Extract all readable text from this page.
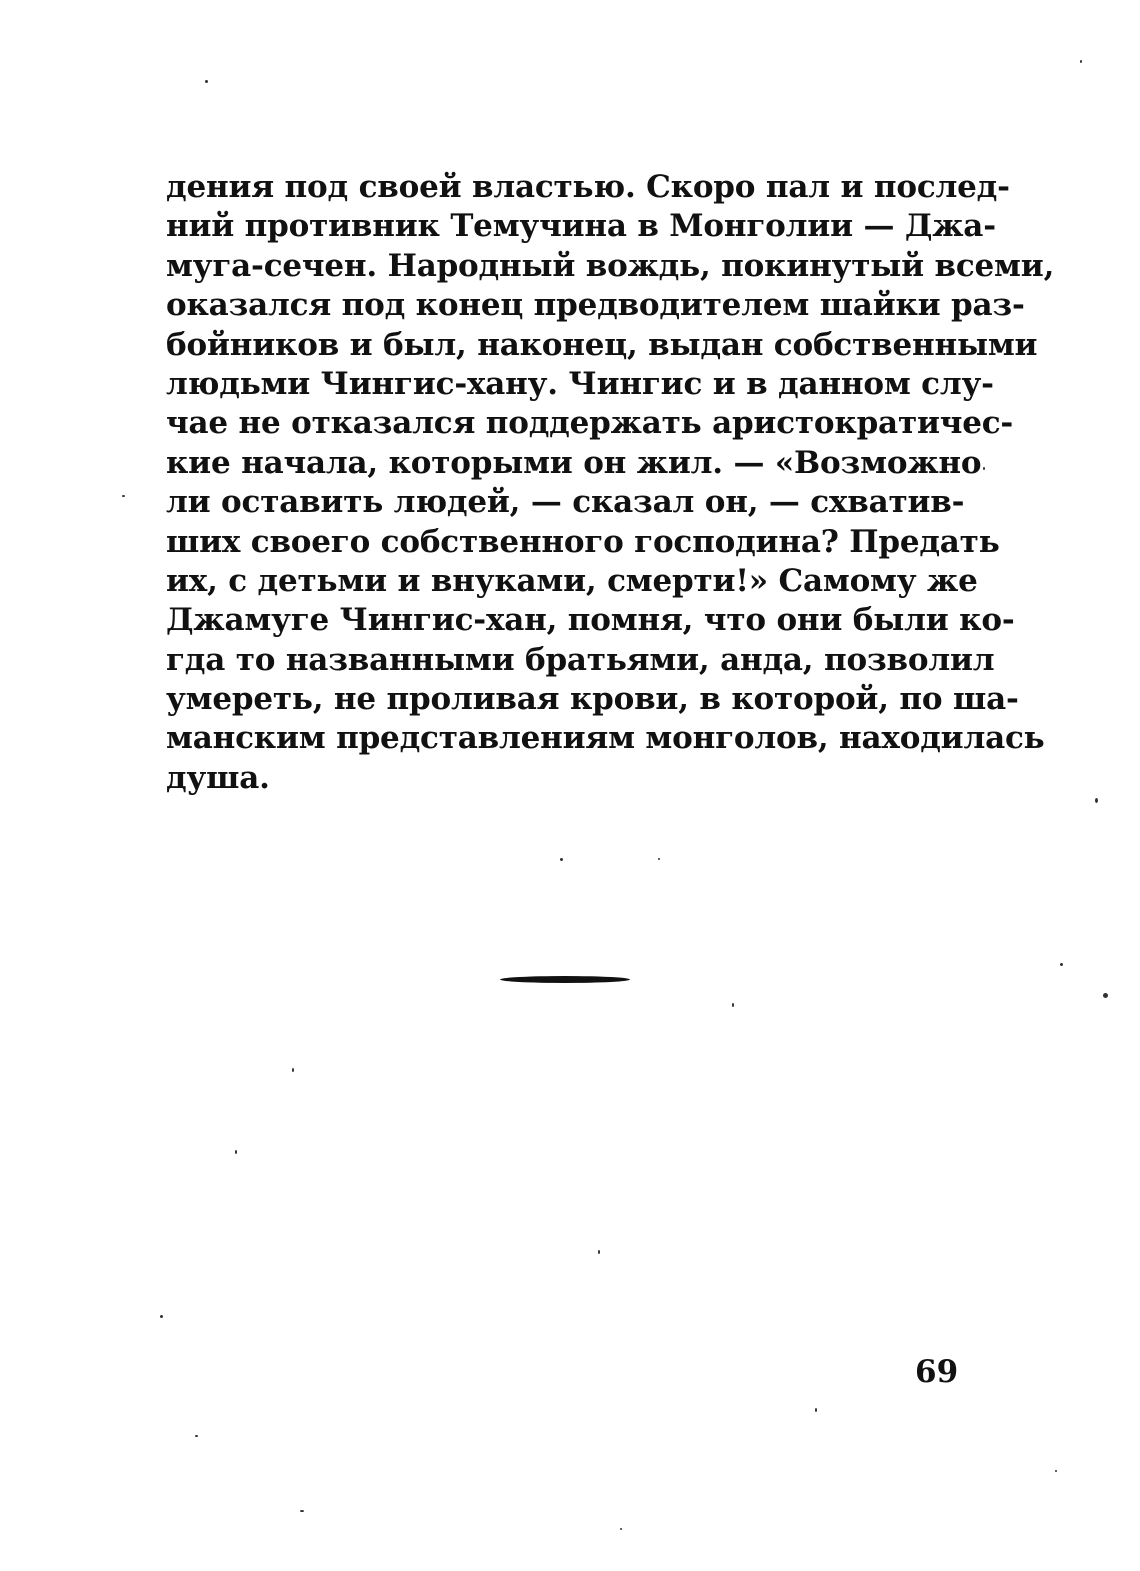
дения под своей властью. Скоро пал и послед-
ний противник Темучина в Монголии — Джа-
муга-сечен. Народный вождь, покинутый всеми,
оказался под конец предводителем шайки раз-
бойников и был, наконец, выдан собственными
людьми Чингис-хану. Чингис и в данном слу-
чае не отказался поддержать аристократичес-
кие начала, которыми он жил. — «Возможно
ли оставить людей, — сказал он, — схватив-
ших своего собственного господина? Предать
их, с детьми и внуками, смерти!» Самому же
Джамуге Чингис-хан, помня, что они были ко-
гда то названными братьями, анда, позволил
умереть, не проливая крови, в которой, по ша-
манским представлениям монголов, находилась
душа.
69
